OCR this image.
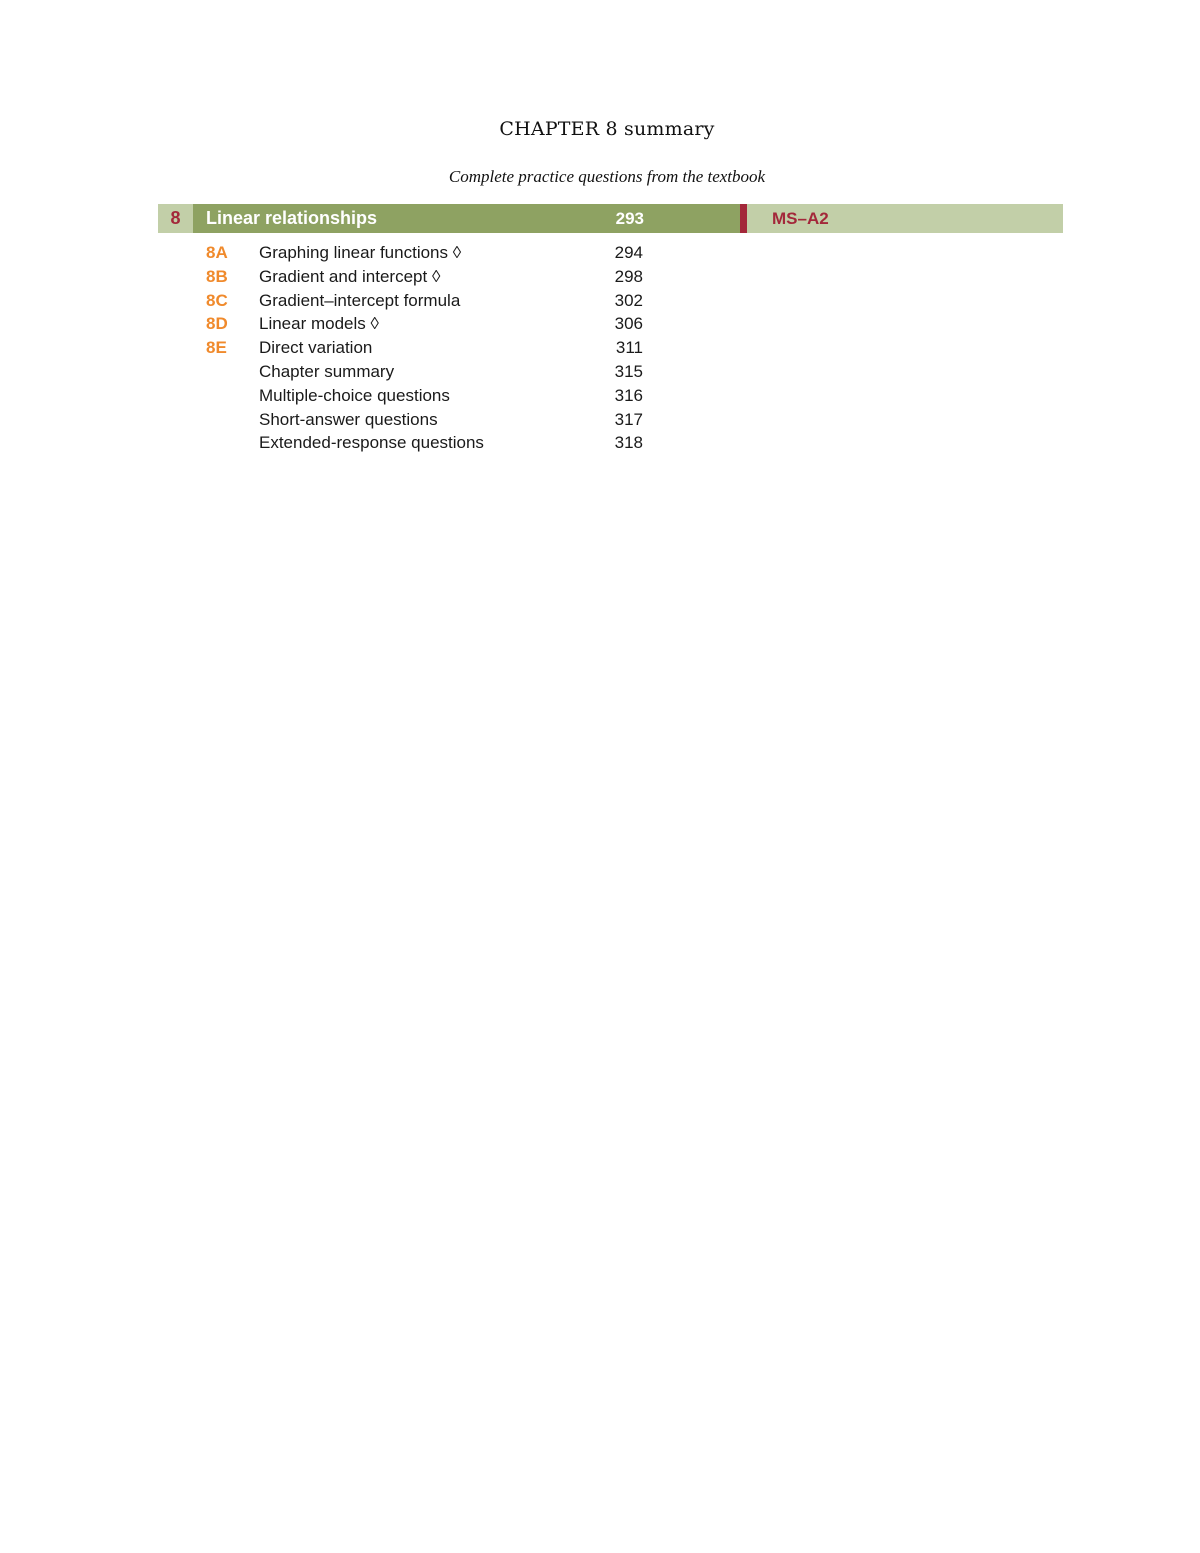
CHAPTER 8 summary
Complete practice questions from the textbook
8	Linear relationships	293	MS–A2
8A Graphing linear functions ◊	294
8B Gradient and intercept ◊	298
8C Gradient–intercept formula	302
8D Linear models ◊	306
8E Direct variation	311
Chapter summary	315
Multiple-choice questions	316
Short-answer questions	317
Extended-response questions	318
